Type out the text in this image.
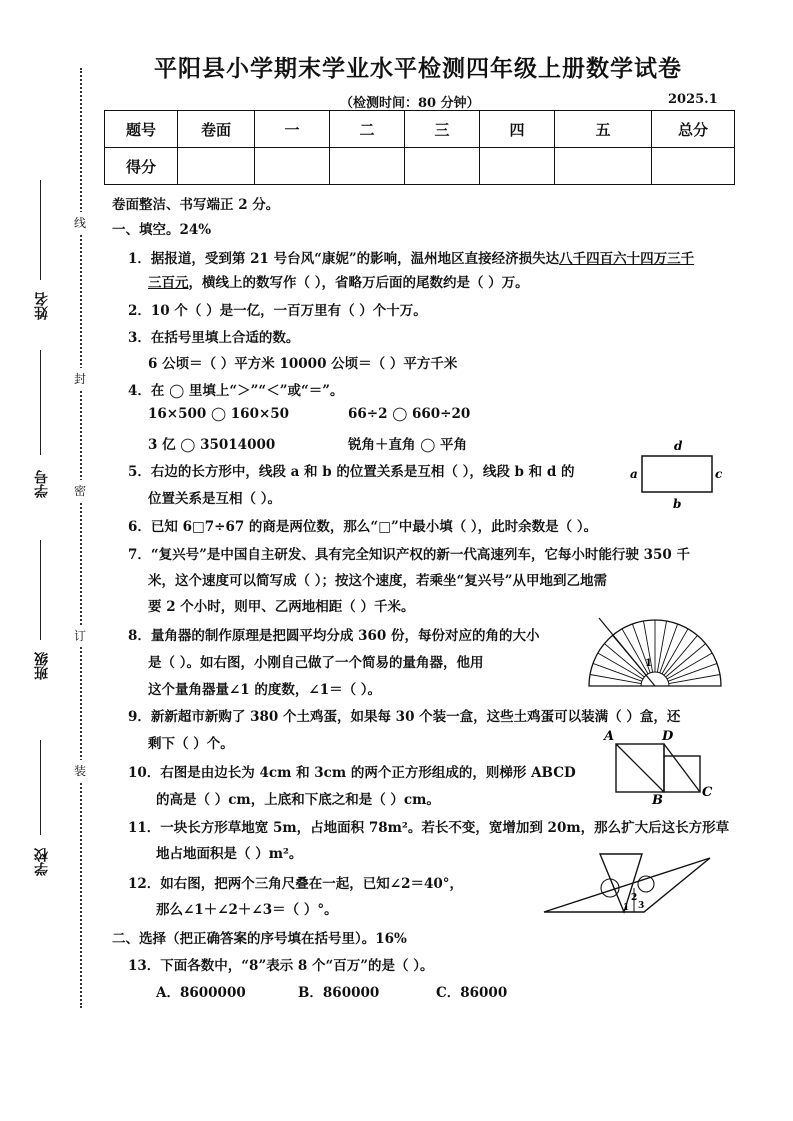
线
封
密
订
装
姓名
学号
班级
学校
平阳县小学期末学业水平检测四年级上册数学试卷
（检测时间：80 分钟）	2025.1
题号	卷面	一	二	三	四	五	总分
得分							
卷面整洁、书写端正 2 分。
一、填空。24%
1．据报道，受到第 21 号台风“康妮”的影响，温州地区直接经济损失达八千四百六十四万三千
三百元，横线上的数写作（ ），省略万后面的尾数约是（ ）万。
2．10 个（ ）是一亿，一百万里有（ ）个十万。
3．在括号里填上合适的数。
6 公顷＝（ ）平方米 10000 公顷＝（ ）平方千米
4．在 ◯ 里填上“＞”“＜”或“＝”。
16×500 ◯ 160×50	66÷2 ◯ 660÷20
3 亿 ◯ 35014000	锐角＋直角 ◯ 平角
5．右边的长方形中，线段 a 和 b 的位置关系是互相（ ），线段 b 和 d 的
位置关系是互相（ ）。
6．已知 6□7÷67 的商是两位数，那么“□”中最小填（ ），此时余数是（ ）。
7．“复兴号”是中国自主研发、具有完全知识产权的新一代高速列车，它每小时能行驶 350 千
米，这个速度可以简写成（ ）；按这个速度，若乘坐“复兴号”从甲地到乙地需
要 2 个小时，则甲、乙两地相距（ ）千米。
8．量角器的制作原理是把圆平均分成 360 份，每份对应的角的大小
是（ ）。如右图，小刚自己做了一个简易的量角器，他用
这个量角器量∠1 的度数，∠1＝（ ）。
9．新新超市新购了 380 个土鸡蛋，如果每 30 个装一盒，这些土鸡蛋可以装满（ ）盒，还
剩下（ ）个。
10．右图是由边长为 4cm 和 3cm 的两个正方形组成的，则梯形 ABCD
的高是（ ）cm，上底和下底之和是（ ）cm。
11．一块长方形草地宽 5m，占地面积 78m²。若长不变，宽增加到 20m，那么扩大后这长方形草
地占地面积是（ ）m²。
12．如右图，把两个三角尺叠在一起，已知∠2＝40°，
那么∠1＋∠2＋∠3＝（ ）°。
二、选择（把正确答案的序号填在括号里）。16%
13．下面各数中，“8”表示 8 个“百万”的是（ ）。
A．8600000	B．860000	C．86000
d
a	c
b
1
A	D
B
C
1
2
3
